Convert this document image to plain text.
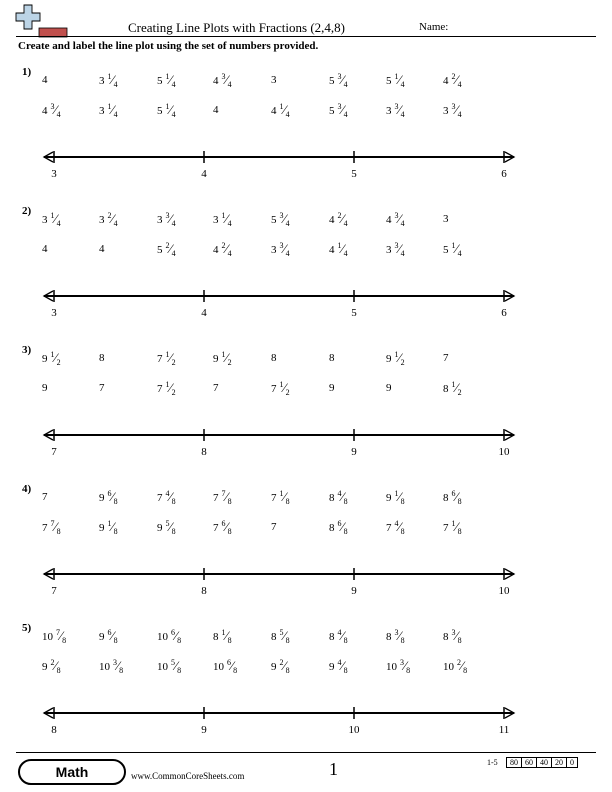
Creating Line Plots with Fractions (2,4,8)	Name:
Create and label the line plot using the set of numbers provided.
1)
4	3 $^1⁄_4$	5 $^1⁄_4$	4 $^3⁄_4$	3	5 $^3⁄_4$	5 $^1⁄_4$	4 $^2⁄_4$
4 $^3⁄_4$	3 $^1⁄_4$	5 $^1⁄_4$	4	4 $^1⁄_4$	5 $^3⁄_4$	3 $^3⁄_4$	3 $^3⁄_4$
3	4	5	6
2)
3 $^1⁄_4$	3 $^2⁄_4$	3 $^3⁄_4$	3 $^1⁄_4$	5 $^3⁄_4$	4 $^2⁄_4$	4 $^3⁄_4$	3
4	4	5 $^2⁄_4$	4 $^2⁄_4$	3 $^3⁄_4$	4 $^1⁄_4$	3 $^3⁄_4$	5 $^1⁄_4$
3	4	5	6
3)
9 $^1⁄_2$	8	7 $^1⁄_2$	9 $^1⁄_2$	8	8	9 $^1⁄_2$	7
9	7	7 $^1⁄_2$	7	7 $^1⁄_2$	9	9	8 $^1⁄_2$
7	8	9	10
4)
7	9 $^6⁄_8$	7 $^4⁄_8$	7 $^7⁄_8$	7 $^1⁄_8$	8 $^4⁄_8$	9 $^1⁄_8$	8 $^6⁄_8$
7 $^7⁄_8$	9 $^1⁄_8$	9 $^5⁄_8$	7 $^6⁄_8$	7	8 $^6⁄_8$	7 $^4⁄_8$	7 $^1⁄_8$
7	8	9	10
5)
10 $^7⁄_8$	9 $^6⁄_8$	10 $^6⁄_8$	8 $^1⁄_8$	8 $^5⁄_8$	8 $^4⁄_8$	8 $^3⁄_8$	8 $^3⁄_8$
9 $^2⁄_8$	10 $^3⁄_8$	10 $^5⁄_8$	10 $^6⁄_8$	9 $^2⁄_8$	9 $^4⁄_8$	10 $^3⁄_8$	10 $^2⁄_8$
8	9	10	11
Math	www.CommonCoreSheets.com	1	1-5 80	60	40	20	0
